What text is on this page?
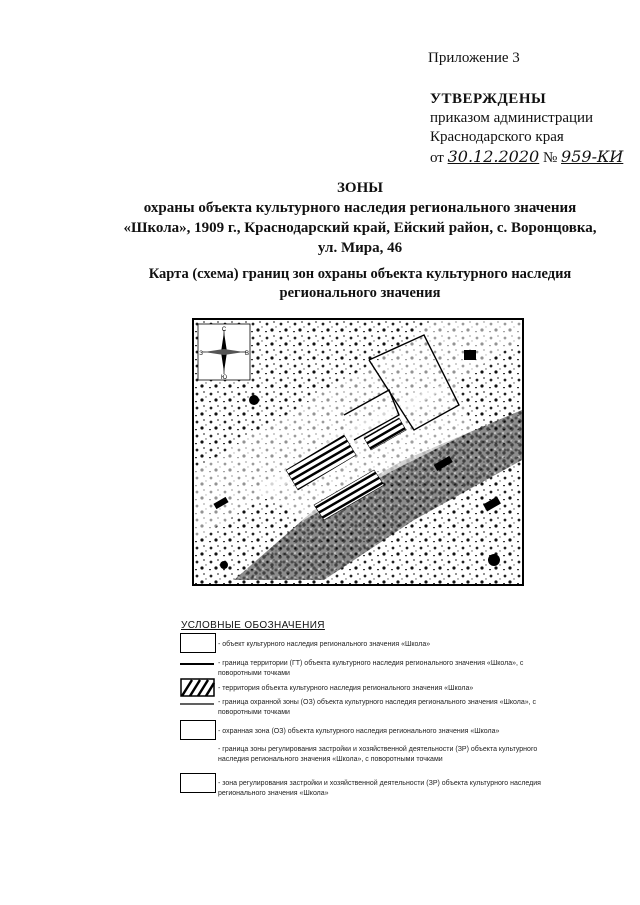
Приложение 3
УТВЕРЖДЕНЫ
приказом администрации
Краснодарского края
от 30.12.2020 № 959-КИ
ЗОНЫ
охраны объекта культурного наследия регионального значения
«Школа», 1909 г., Краснодарский край, Ейский район, с. Воронцовка,
ул. Мира, 46
Карта (схема) границ зон охраны объекта культурного наследия
регионального значения
С
Ю
З	В
УСЛОВНЫЕ ОБОЗНАЧЕНИЯ
- объект культурного наследия регионального значения «Школа»
- граница территории (ГТ) объекта культурного наследия регионального значения «Школа», с поворотными точками
- территория объекта культурного наследия регионального значения «Школа»
- граница охранной зоны (ОЗ) объекта культурного наследия регионального значения «Школа», с поворотными точками
- охранная зона (ОЗ) объекта культурного наследия регионального значения «Школа»
- граница зоны регулирования застройки и хозяйственной деятельности (ЗР) объекта культурного наследия регионального значения «Школа», с поворотными точками
- зона регулирования застройки и хозяйственной деятельности (ЗР) объекта культурного наследия регионального значения «Школа»
